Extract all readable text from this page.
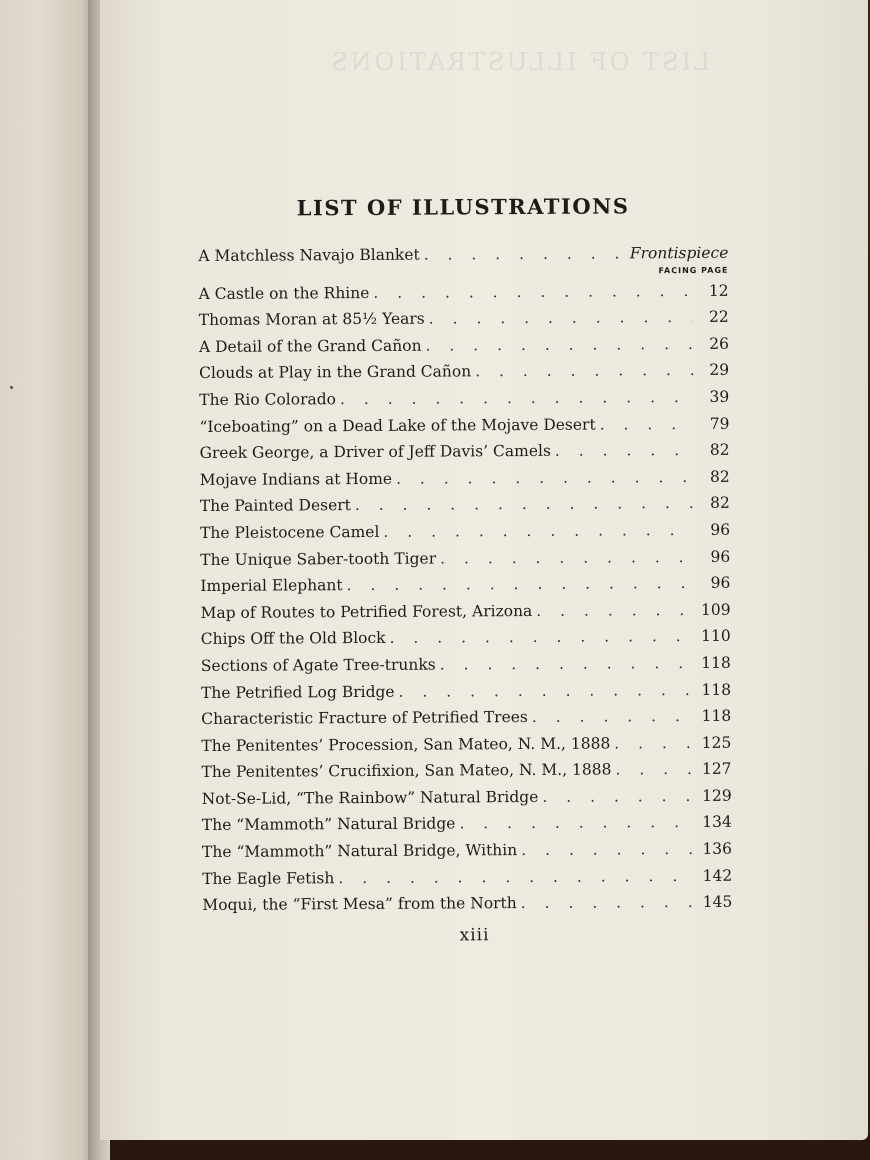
LIST OF ILLUSTRATIONS
LIST OF ILLUSTRATIONS
A Matchless Navajo Blanket . . .	Frontispiece
FACING PAGE
A Castle on the Rhine . . .	12
Thomas Moran at 85½ Years . . .	22
A Detail of the Grand Cañon . . .	26
Clouds at Play in the Grand Cañon . . .	29
The Rio Colorado . . .	39
“Iceboating” on a Dead Lake of the Mojave Desert . . .	79
Greek George, a Driver of Jeff Davis’ Camels . . .	82
Mojave Indians at Home . . .	82
The Painted Desert . . .	82
The Pleistocene Camel . . .	96
The Unique Saber-tooth Tiger . . .	96
Imperial Elephant . . .	96
Map of Routes to Petrified Forest, Arizona . . .	109
Chips Off the Old Block . . .	110
Sections of Agate Tree-trunks . . .	118
The Petrified Log Bridge . . .	118
Characteristic Fracture of Petrified Trees . . .	118
The Penitentes’ Procession, San Mateo, N. M., 1888 . . .	125
The Penitentes’ Crucifixion, San Mateo, N. M., 1888 . . .	127
Not-Se-Lid, “The Rainbow” Natural Bridge . . .	129
The “Mammoth” Natural Bridge . . .	134
The “Mammoth” Natural Bridge, Within . . .	136
The Eagle Fetish . . .	142
Moqui, the “First Mesa” from the North . . .	145
xiii
